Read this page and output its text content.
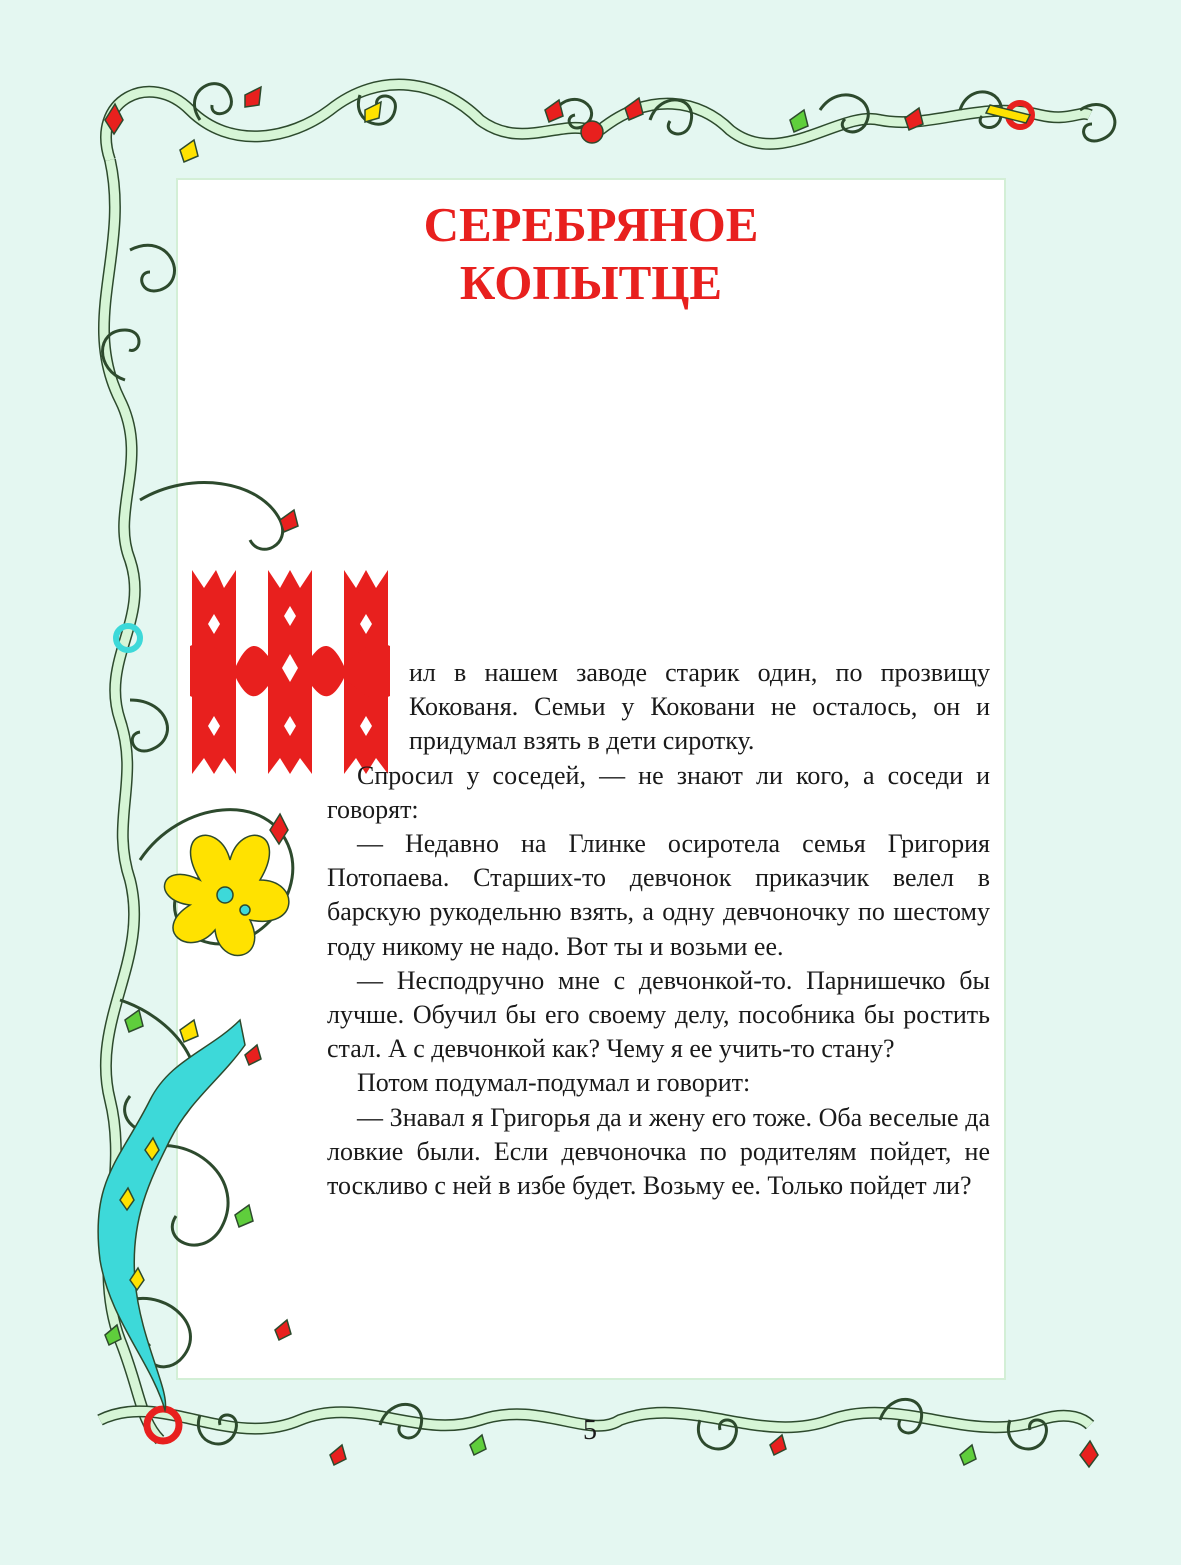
СЕРЕБРЯНОЕ
КОПЫТЦЕ

ил в нашем заводе старик один, по прозвищу Кокованя. Семьи у Коковани не осталось, он и придумал взять в дети сиротку.

Спросил у соседей, — не знают ли кого, а соседи и говорят:

— Недавно на Глинке осиротела семья Григория Потопаева. Старших-то девчонок приказчик велел в барскую рукодельню взять, а одну девчоночку по шестому году никому не надо. Вот ты и возьми ее.

— Несподручно мне с девчонкой-то. Парнишечко бы лучше. Обучил бы его своему делу, пособника бы ростить стал. А с девчонкой как? Чему я ее учить-то стану?

Потом подумал-подумал и говорит:

— Знавал я Григорья да и жену его тоже. Оба веселые да ловкие были. Если девчоночка по родителям пойдет, не тоскливо с ней в избе будет. Возьму ее. Только пойдет ли?

5
